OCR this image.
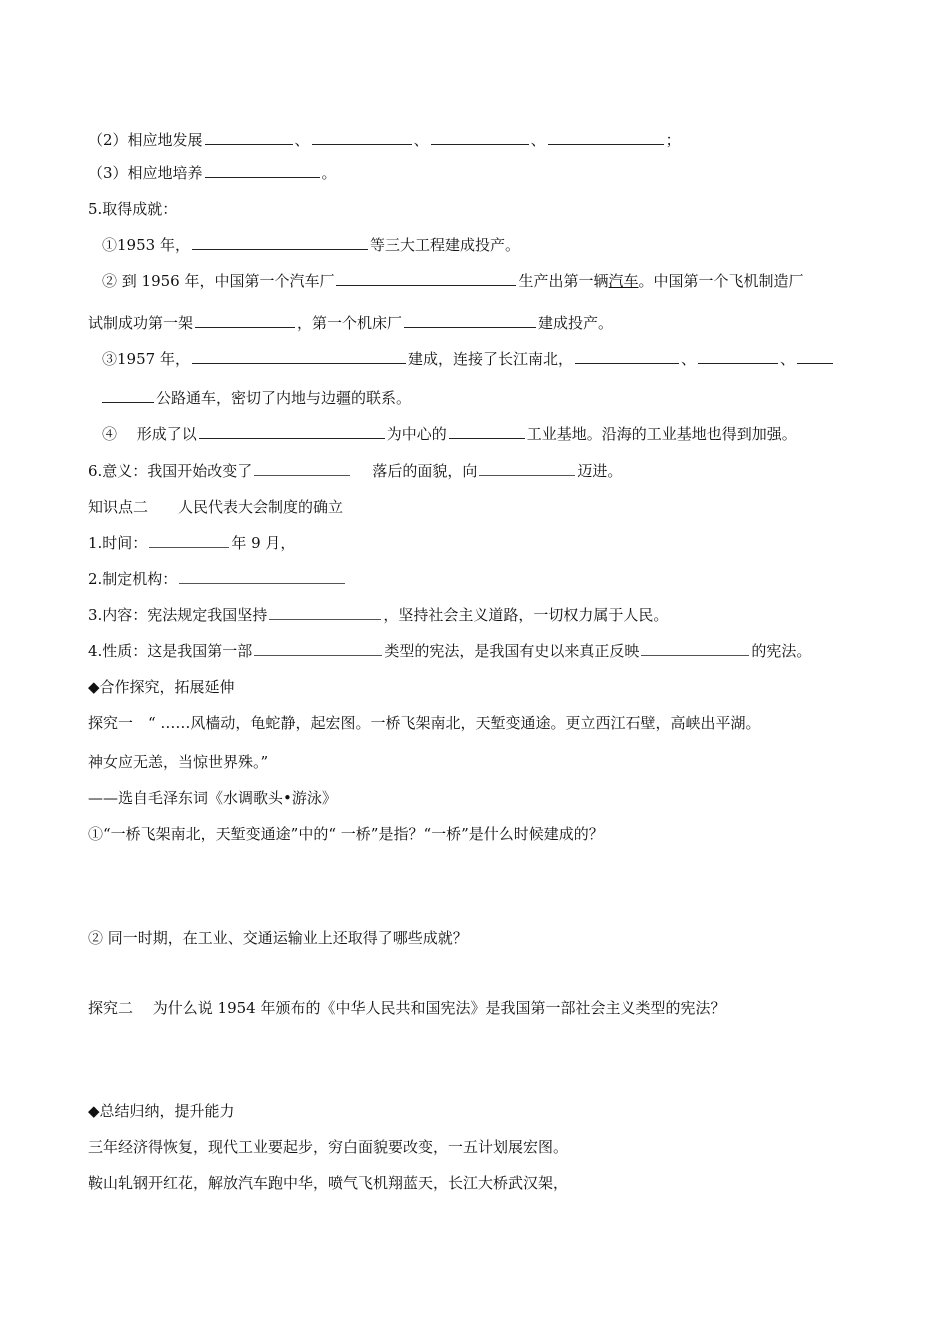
（2）相应地发展	、	、	、	；
（3）相应地培养	。
5.取得成就：
①1953 年，	等三大工程建成投产。
② 到 1956 年，中国第一个汽车厂	生产出第一辆汽车。中国第一个飞机制造厂
试制成功第一架	，第一个机床厂	建成投产。
③1957 年，	建成，连接了长江南北，	、	、
公路通车，密切了内地与边疆的联系。
④　 形成了以	为中心的	工业基地。沿海的工业基地也得到加强。
6.意义：我国开始改变了	落后的面貌，向	迈进。
知识点二　　人民代表大会制度的确立
1.时间：	年 9 月，
2.制定机构：
3.内容：宪法规定我国坚持	，坚持社会主义道路，一切权力属于人民。
4.性质：这是我国第一部	类型的宪法，是我国有史以来真正反映	的宪法。
◆合作探究，拓展延伸
探究一　“ ……风樯动，龟蛇静，起宏图。一桥飞架南北，天堑变通途。更立西江石壁，高峡出平湖。
神女应无恙，当惊世界殊。”
——选自毛泽东词《水调歌头•游泳》
①“一桥飞架南北，天堑变通途”中的“ 一桥”是指？“一桥”是什么时候建成的？
② 同一时期，在工业、交通运输业上还取得了哪些成就？
探究二　 为什么说 1954 年颁布的《中华人民共和国宪法》是我国第一部社会主义类型的宪法？
◆总结归纳，提升能力
三年经济得恢复，现代工业要起步，穷白面貌要改变，一五计划展宏图。
鞍山轧钢开红花，解放汽车跑中华，喷气飞机翔蓝天，长江大桥武汉架，
